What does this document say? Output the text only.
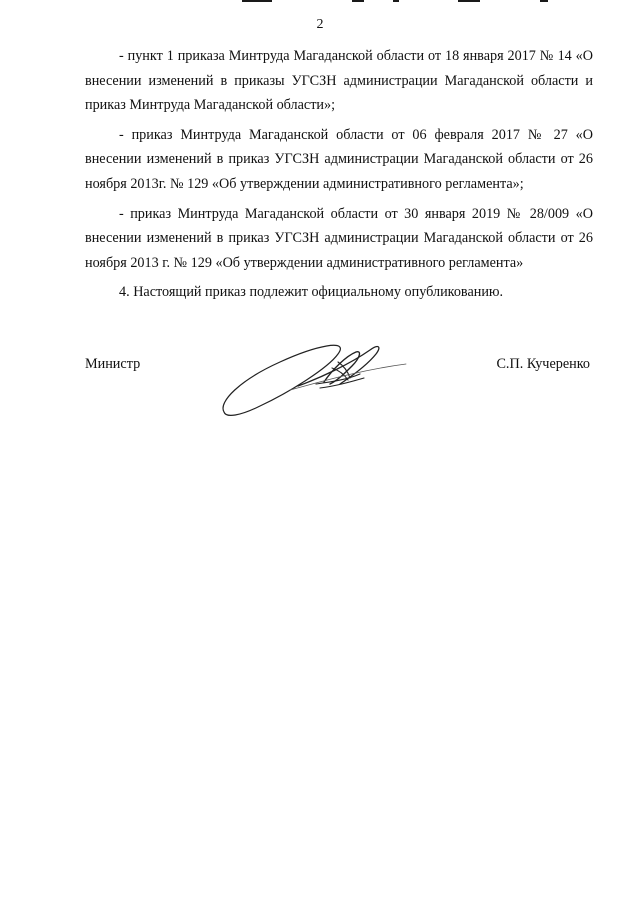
2

- пункт 1 приказа Минтруда Магаданской области от 18 января 2017 № 14 «О внесении изменений в приказы УГСЗН администрации Магаданской области и приказ Минтруда Магаданской области»;

- приказ Минтруда Магаданской области от 06 февраля 2017 № 27 «О внесении изменений в приказ УГСЗН администрации Магаданской области от 26 ноября 2013г. № 129 «Об утверждении административного регламента»;

- приказ Минтруда Магаданской области от 30 января 2019 № 28/009 «О внесении изменений в приказ УГСЗН администрации Магаданской области от 26 ноября 2013 г. № 129 «Об утверждении административного регламента»

4. Настоящий приказ подлежит официальному опубликованию.

Министр	С.П. Кучеренко
